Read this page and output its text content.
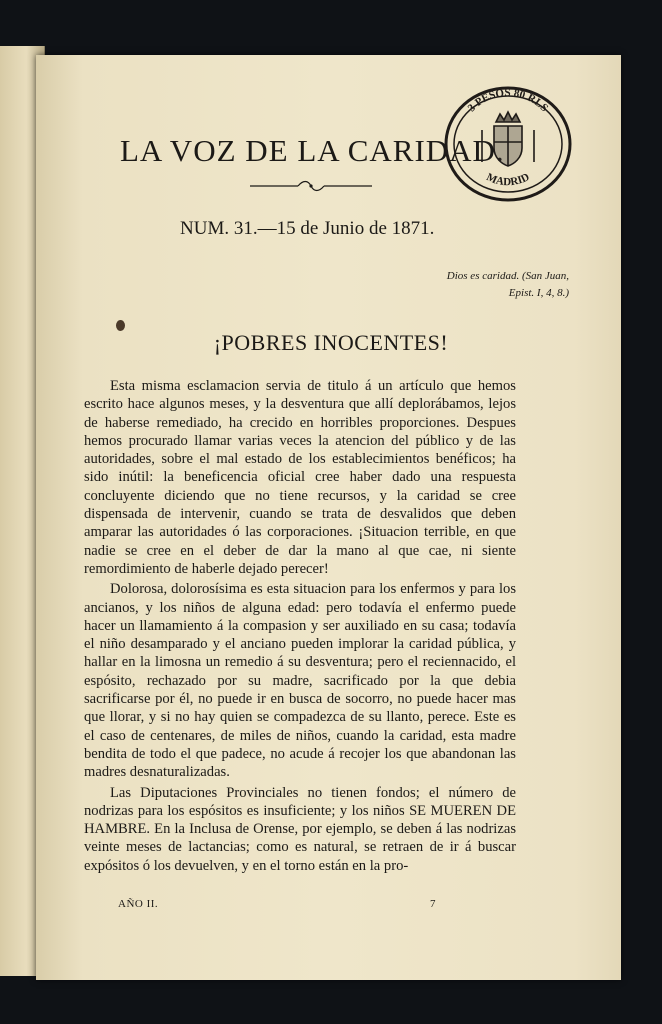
LA VOZ DE LA CARIDAD.
NUM. 31.—15 de Junio de 1871.
Dios es caridad. (San Juan,
Epist. I, 4, 8.)
¡POBRES INOCENTES!

Esta misma esclamacion servia de titulo á un artículo que hemos escrito hace algunos meses, y la desventura que allí deplorábamos, lejos de haberse remediado, ha crecido en horribles proporciones. Despues hemos procurado llamar varias veces la atencion del público y de las autoridades, sobre el mal estado de los establecimientos benéficos; ha sido inútil: la beneficencia oficial cree haber dado una respuesta concluyente diciendo que no tiene recursos, y la caridad se cree dispensada de intervenir, cuando se trata de desvalidos que deben amparar las autoridades ó las corporaciones. ¡Situacion terrible, en que nadie se cree en el deber de dar la mano al que cae, ni siente remordimiento de haberle dejado perecer!

Dolorosa, dolorosísima es esta situacion para los enfermos y para los ancianos, y los niños de alguna edad: pero todavía el enfermo puede hacer un llamamiento á la compasion y ser auxiliado en su casa; todavía el niño desamparado y el anciano pueden implorar la caridad pública, y hallar en la limosna un remedio á su desventura; pero el reciennacido, el espósito, rechazado por su madre, sacrificado por la que debia sacrificarse por él, no puede ir en busca de socorro, no puede hacer mas que llorar, y si no hay quien se compadezca de su llanto, perece. Este es el caso de centenares, de miles de niños, cuando la caridad, esta madre bendita de todo el que padece, no acude á recojer los que abandonan las madres desnaturalizadas.

Las Diputaciones Provinciales no tienen fondos; el número de nodrizas para los espósitos es insuficiente; y los niños SE MUEREN DE HAMBRE. En la Inclusa de Orense, por ejemplo, se deben á las nodrizas veinte meses de lactancias; como es natural, se retraen de ir á buscar expósitos ó los devuelven, y en el torno están en la pro-

AÑO II.	7
3 PESOS 80 RLS
MADRID
